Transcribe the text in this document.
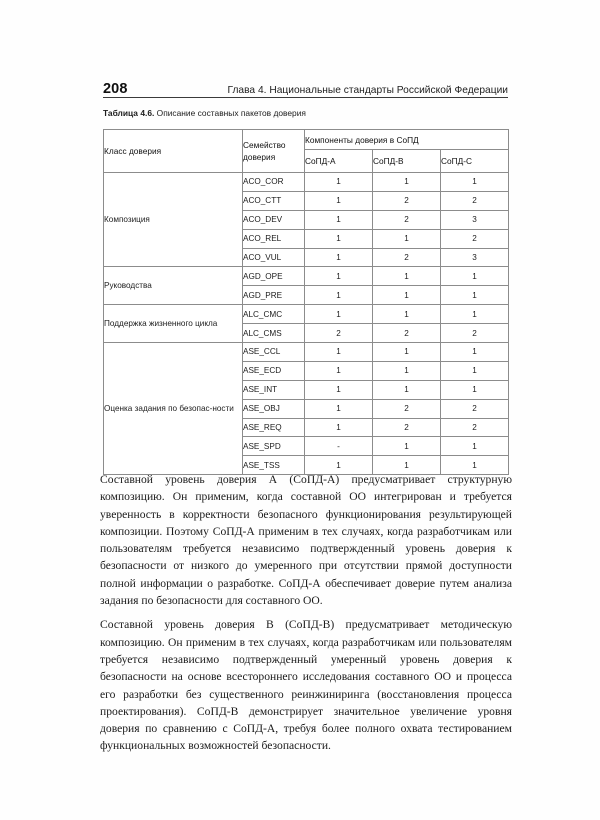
208	Глава 4. Национальные стандарты Российской Федерации
Таблица 4.6. Описание составных пакетов доверия
Класс доверия	Семейство доверия	Компоненты доверия в СоПД		
		СоПД-А	СоПД-В	СоПД-С
Композиция	ACO_COR	1	1	1
	ACO_CTT	1	2	2
	ACO_DEV	1	2	3
	ACO_REL	1	1	2
	ACO_VUL	1	2	3
Руководства	AGD_OPE	1	1	1
	AGD_PRE	1	1	1
Поддержка жизненного цикла	ALC_CMC	1	1	1
	ALC_CMS	2	2	2
Оценка задания по безопас-ности	ASE_CCL	1	1	1
	ASE_ECD	1	1	1
	ASE_INT	1	1	1
	ASE_OBJ	1	2	2
	ASE_REQ	1	2	2
	ASE_SPD	-	1	1
	ASE_TSS	1	1	1

Составной уровень доверия А (СоПД-А) предусматривает структурную композицию. Он применим, когда составной ОО интегрирован и требуется уверенность в корректности безопасного функционирования результирующей композиции. Поэтому СоПД-А применим в тех случаях, когда разработчикам или пользователям требуется независимо подтвержденный уровень доверия к безопасности от низкого до умеренного при отсутствии прямой доступности полной информации о разработке. СоПД-А обеспечивает доверие путем анализа задания по безопасности для составного ОО.

Составной уровень доверия В (СоПД-В) предусматривает методическую композицию. Он применим в тех случаях, когда разработчикам или пользователям требуется независимо подтвержденный умеренный уровень доверия к безопасности на основе всестороннего исследования составного ОО и процесса его разработки без существенного реинжиниринга (восстановления процесса проектирования). СоПД-В демонстрирует значительное увеличение уровня доверия по сравнению с СоПД-А, требуя более полного охвата тестированием функциональных возможностей безопасности.
